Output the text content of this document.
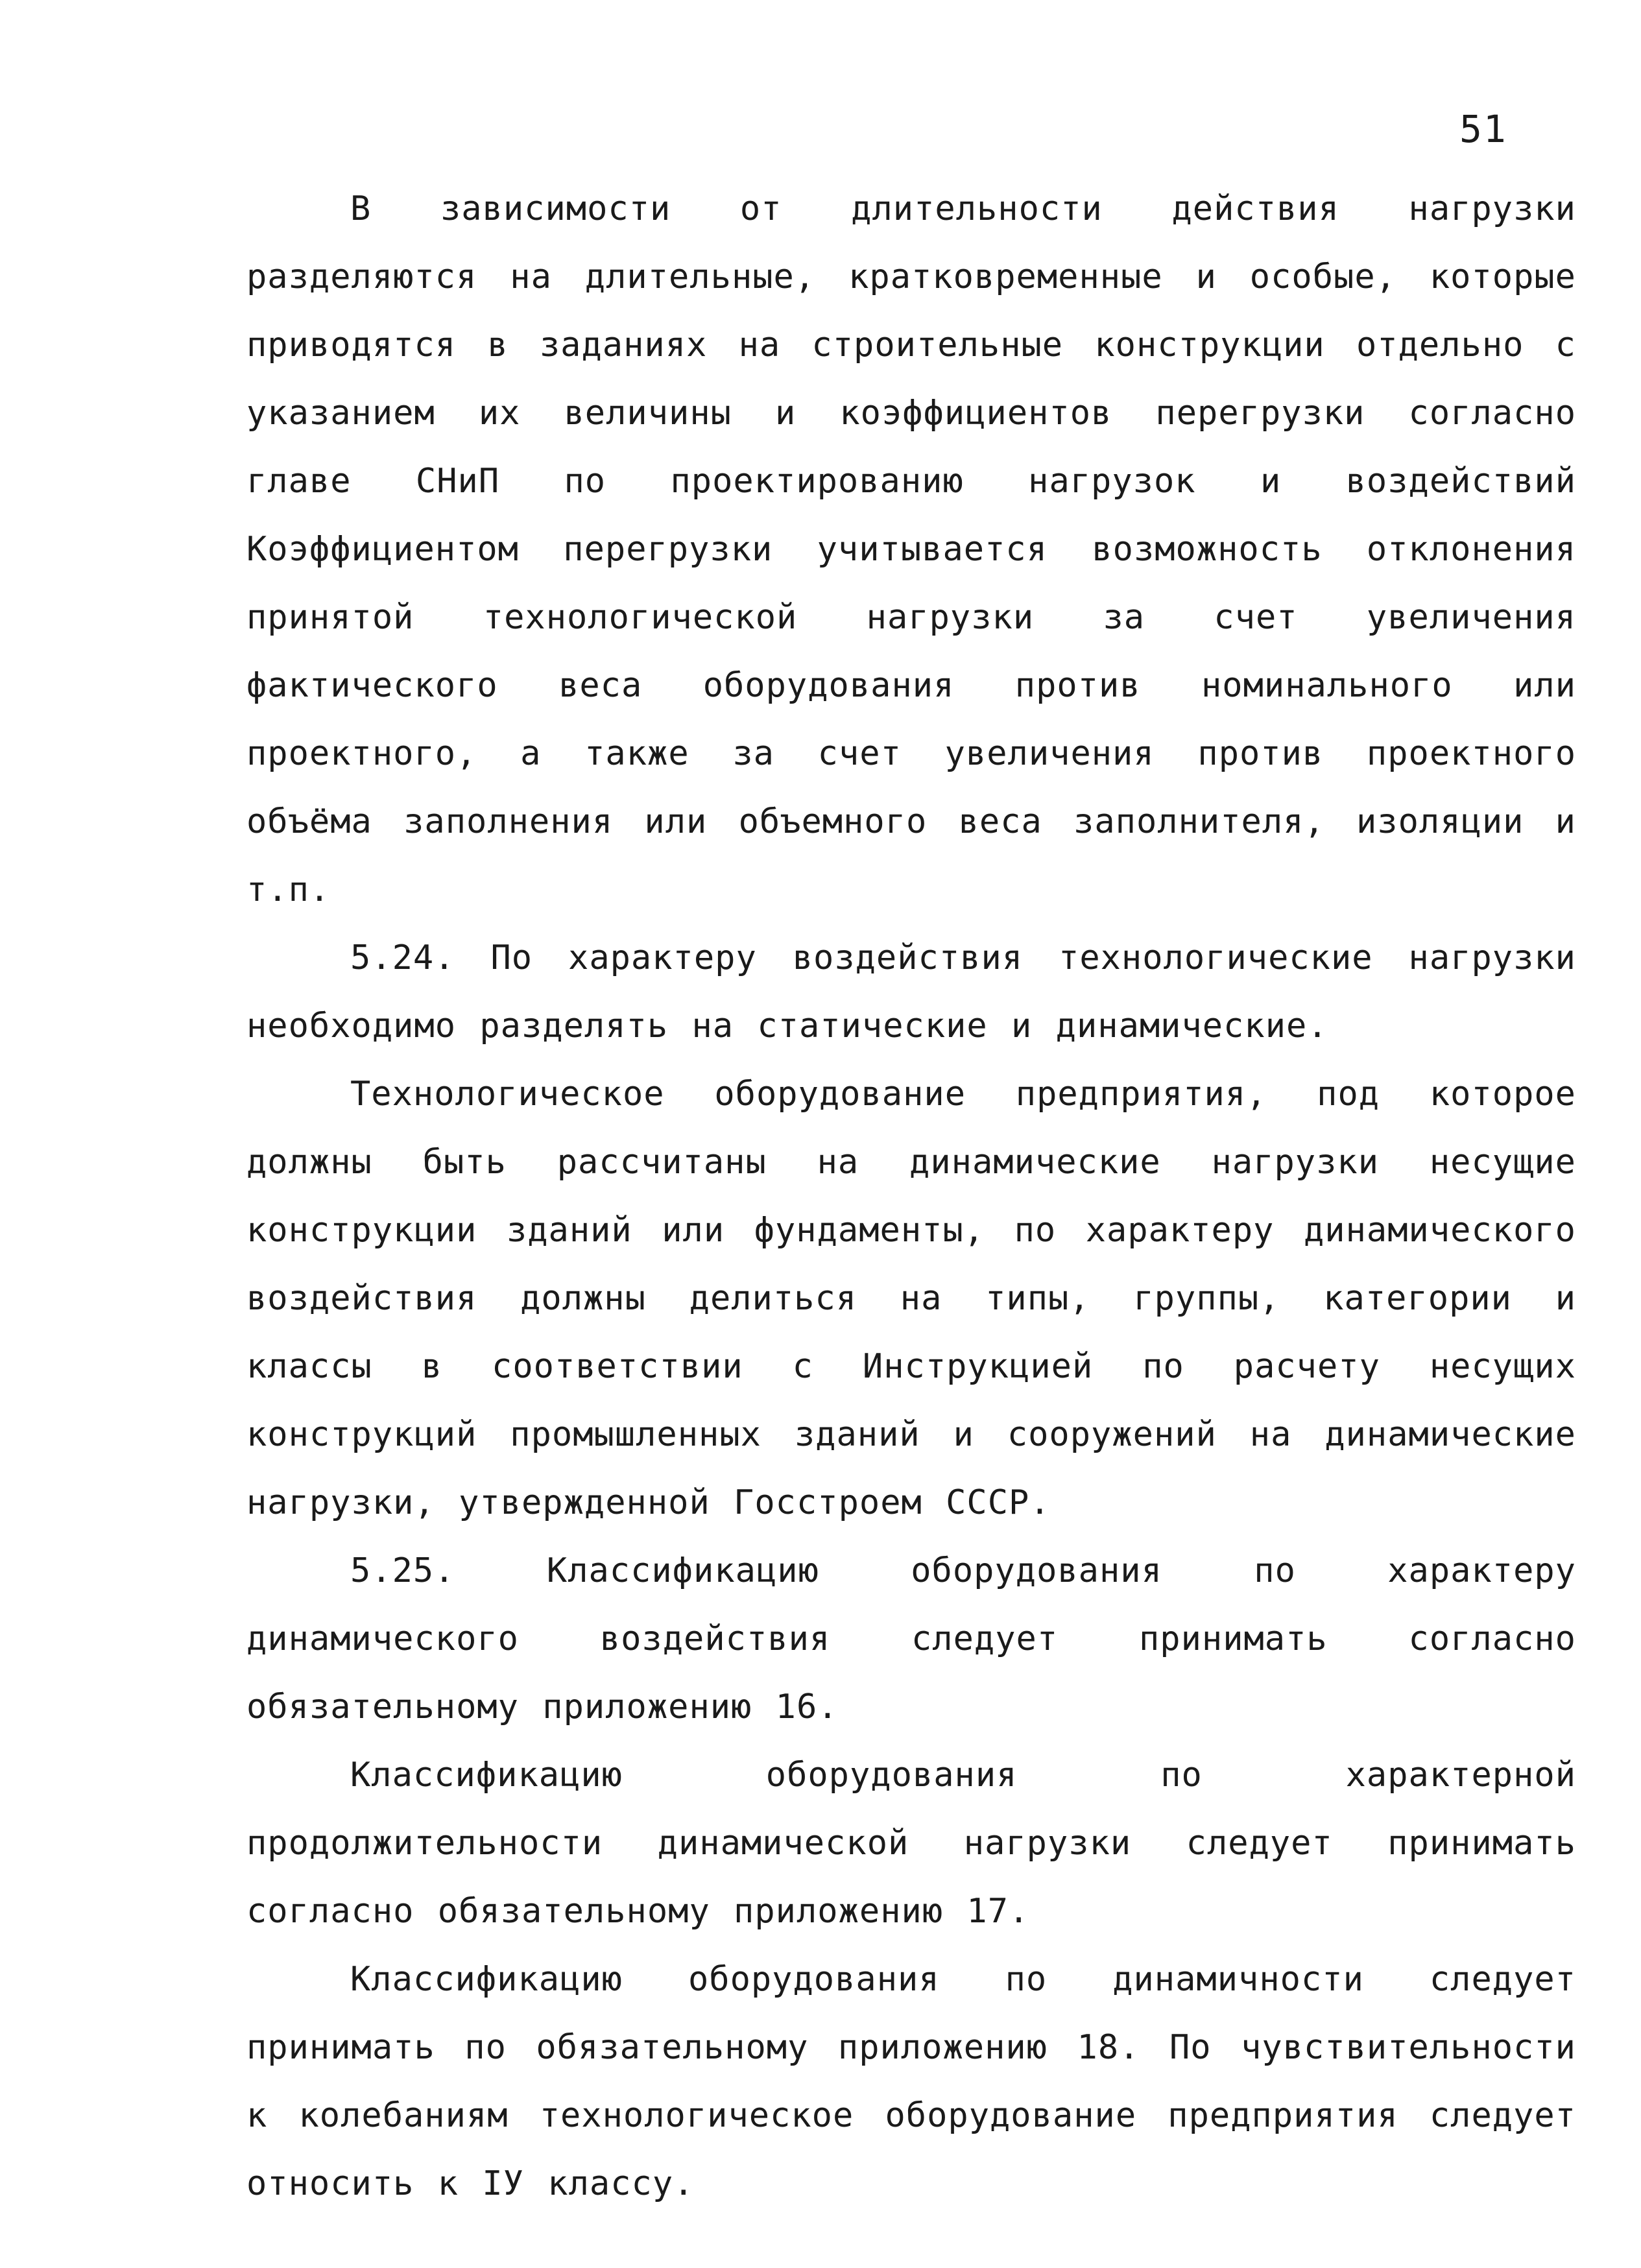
51

В зависимости от длительности действия нагрузки разделяются на длительные, кратковременные и особые, которые приводятся в заданиях на строительные конструкции отдельно с указанием их величины и коэффициентов перегрузки согласно главе СНиП по проектированию нагрузок и воздействий Коэффициентом перегрузки учитывается возможность отклонения принятой технологической нагрузки за счет увеличения фактического веса оборудования против номинального или проектного, а также за счет увеличения против проектного объёма заполнения или объемного веса заполнителя, изоляции и т.п.

5.24. По характеру воздействия технологические нагрузки необходимо разделять на статические и динамические.

Технологическое оборудование предприятия, под которое должны быть рассчитаны на динамические нагрузки несущие конструкции зданий или фундаменты, по характеру динамического воздействия должны делиться на типы, группы, категории и классы в соответствии с Инструкцией по расчету несущих конструкций промышленных зданий и сооружений на динамические нагрузки, утвержденной Госстроем СССР.

5.25. Классификацию оборудования по характеру динамического воздействия следует принимать согласно обязательному приложению 16.

Классификацию оборудования по характерной продолжительности динамической нагрузки следует принимать согласно обязательному приложению 17.

Классификацию оборудования по динамичности следует принимать по обязательному приложению 18. По чувствительности к колебаниям технологическое оборудование предприятия следует относить к IУ классу.
